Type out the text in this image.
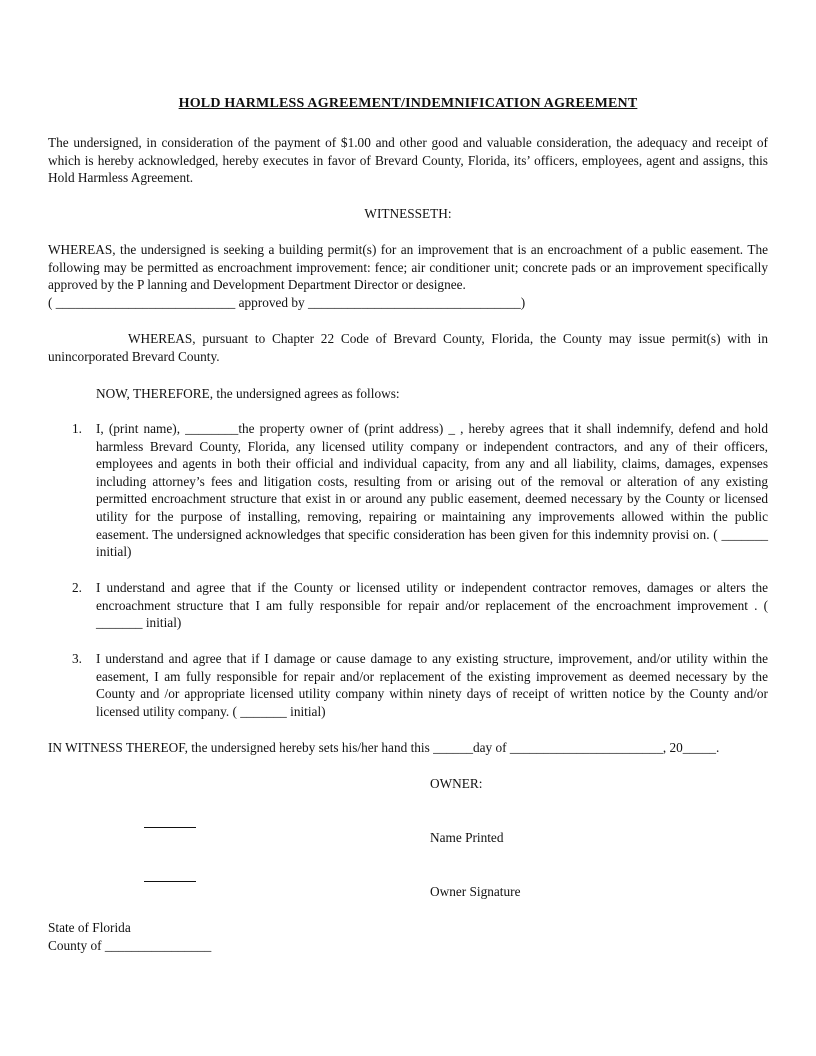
HOLD HARMLESS AGREEMENT/INDEMNIFICATION AGREEMENT
The undersigned, in consideration of the payment of $1.00 and other good and valuable consideration, the adequacy and receipt of which is hereby acknowledged, hereby executes in favor of Brevard County, Florida, its’ officers, employees, agent and assigns, this Hold Harmless Agreement.
WITNESSETH:
WHEREAS, the undersigned is seeking a building permit(s) for an improvement that is an encroachment of a public easement. The following may be permitted as encroachment improvement: fence; air conditioner unit; concrete pads or an improvement specifically approved by the P lanning and Development Department Director or designee.
( ___________________________ approved by ________________________________)
WHEREAS, pursuant to Chapter 22 Code of Brevard County, Florida, the County may issue permit(s) with in unincorporated Brevard County.
NOW, THEREFORE, the undersigned agrees as follows:
1. I, (print name), ________the property owner of (print address) _ , hereby agrees that it shall indemnify, defend and hold harmless Brevard County, Florida, any licensed utility company or independent contractors, and any of their officers, employees and agents in both their official and individual capacity, from any and all liability, claims, damages, expenses including attorney’s fees and litigation costs, resulting from or arising out of the removal or alteration of any existing permitted encroachment structure that exist in or around any public easement, deemed necessary by the County or licensed utility for the purpose of installing, removing, repairing or maintaining any improvements allowed within the public easement. The undersigned acknowledges that specific consideration has been given for this indemnity provisi on. ( _______ initial)
2. I understand and agree that if the County or licensed utility or independent contractor removes, damages or alters the encroachment structure that I am fully responsible for repair and/or replacement of the encroachment improvement . ( _______ initial)
3. I understand and agree that if I damage or cause damage to any existing structure, improvement, and/or utility within the easement, I am fully responsible for repair and/or replacement of the existing improvement as deemed necessary by the County and /or appropriate licensed utility company within ninety days of receipt of written notice by the County and/or licensed utility company. ( _______ initial)
IN WITNESS THEREOF, the undersigned hereby sets his/her hand this ______day of _______________________, 20_____.
OWNER:
Name Printed
Owner Signature
State of Florida
County of ________________
